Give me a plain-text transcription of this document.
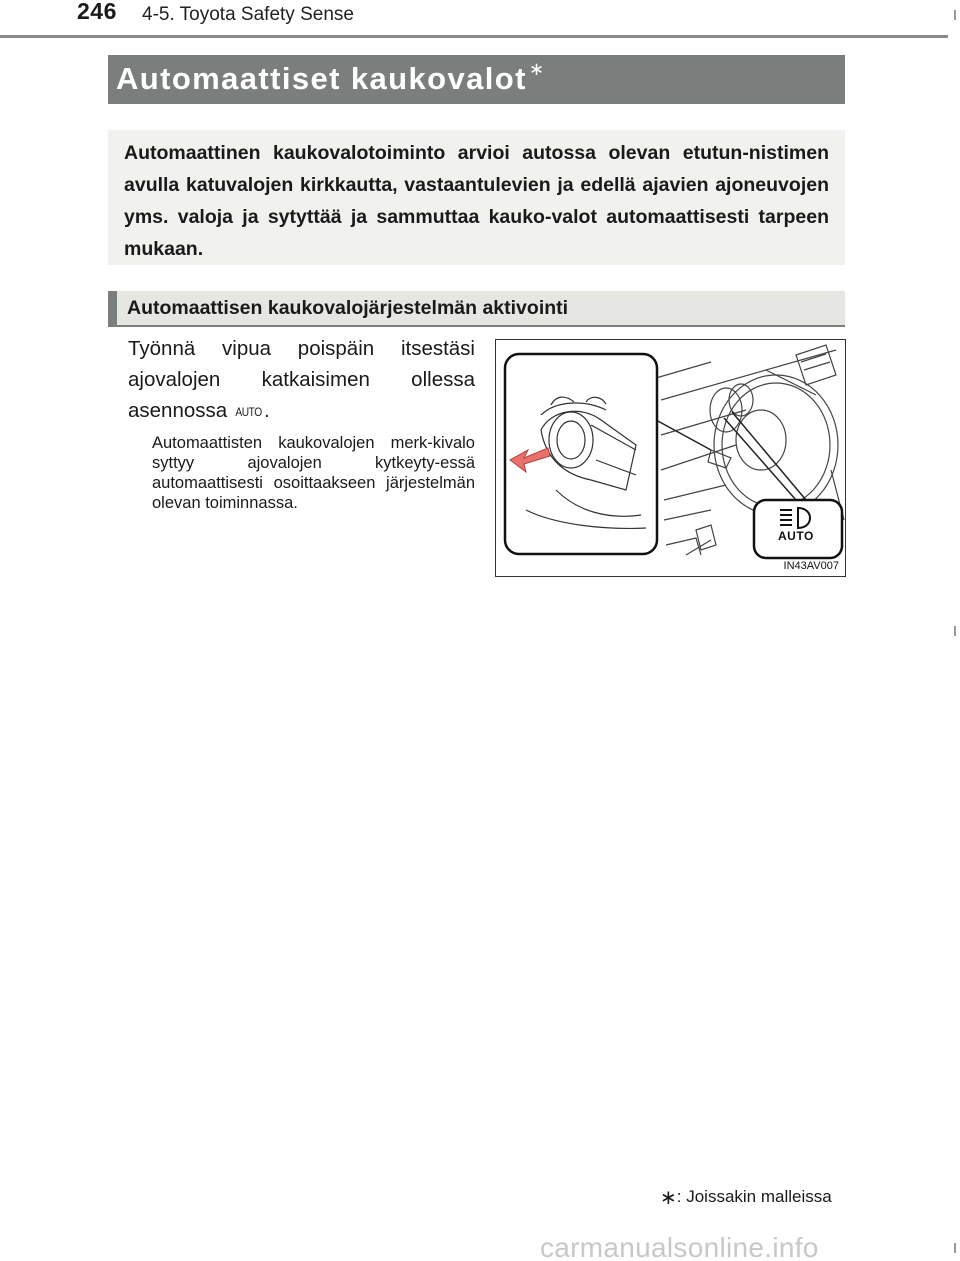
246 4-5. Toyota Safety Sense
Automaattiset kaukovalot ∗

Automaattinen kaukovalotoiminto arvioi autossa olevan etutun-nistimen avulla katuvalojen kirkkautta, vastaantulevien ja edellä ajavien ajoneuvojen yms. valoja ja sytyttää ja sammuttaa kauko-valot automaattisesti tarpeen mukaan.

Automaattisen kaukovalojärjestelmän aktivointi

Työnnä vipua poispäin itsestäsi ajovalojen katkaisimen ollessa asennossa AUTO .

Automaattisten kaukovalojen merk-kivalo syttyy ajovalojen kytkeyty-essä automaattisesti osoittaakseen järjestelmän olevan toiminnassa.

AUTO
IN43AV007
∗: Joissakin malleissa
carmanualsonline.info
